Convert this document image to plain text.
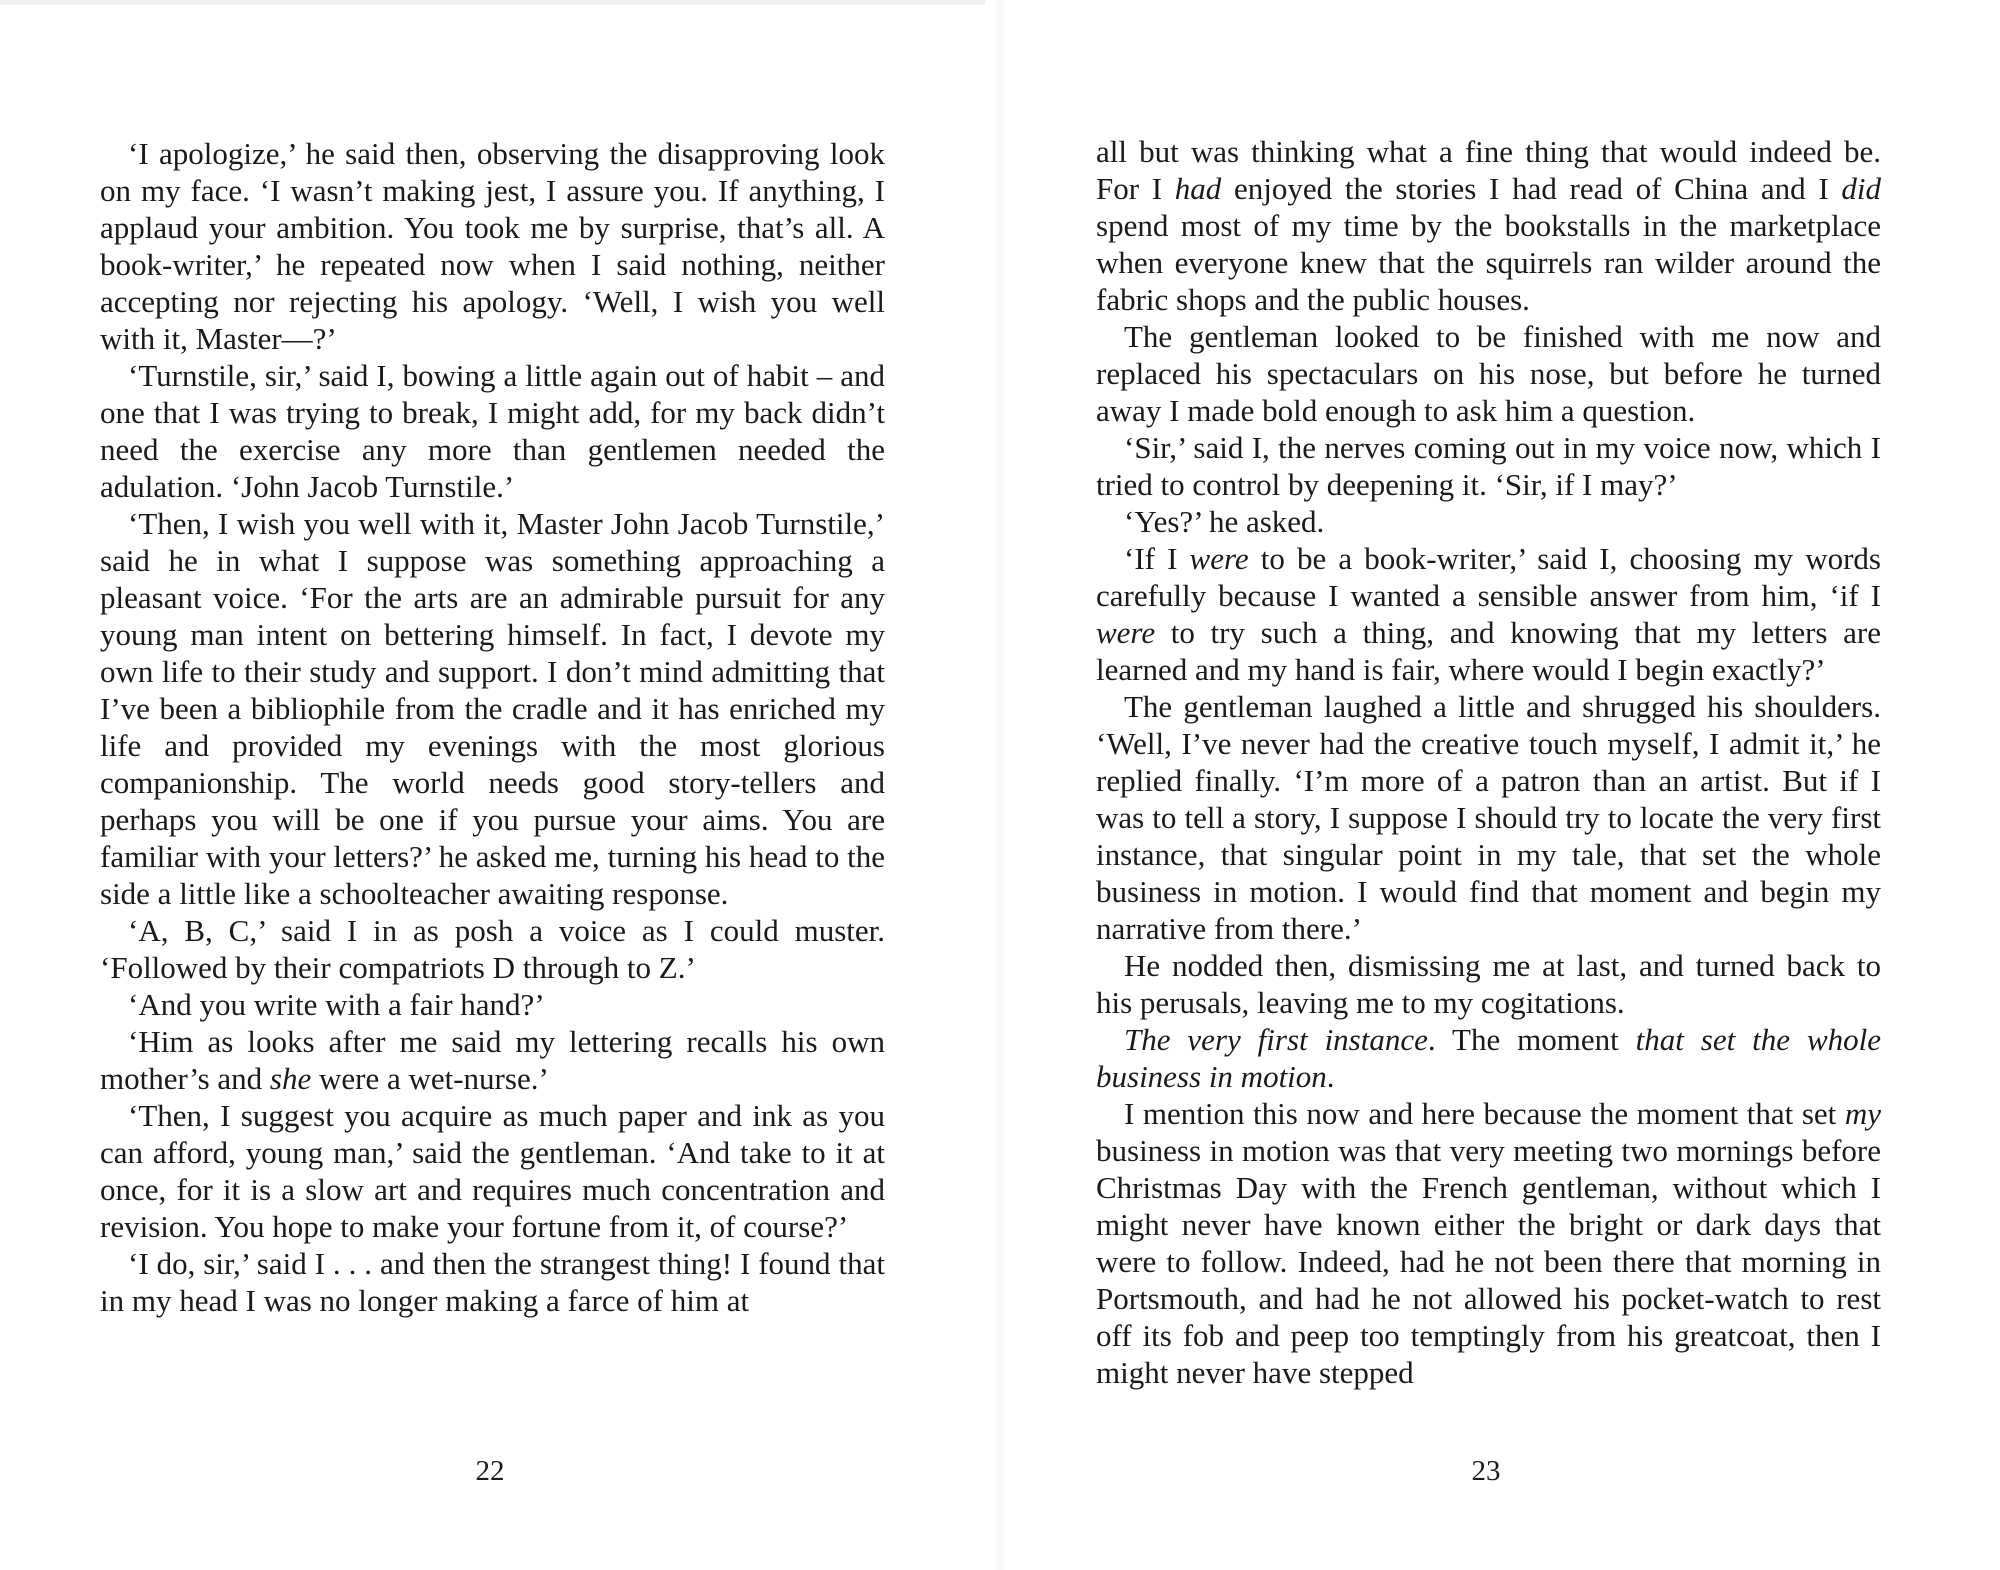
‘I apologize,’ he said then, observing the disapproving look on my face. ‘I wasn’t making jest, I assure you. If anything, I applaud your ambition. You took me by surprise, that’s all. A book-writer,’ he repeated now when I said nothing, neither accepting nor rejecting his apology. ‘Well, I wish you well with it, Master—?’

‘Turnstile, sir,’ said I, bowing a little again out of habit – and one that I was trying to break, I might add, for my back didn’t need the exercise any more than gentlemen needed the adulation. ‘John Jacob Turnstile.’

‘Then, I wish you well with it, Master John Jacob Turnstile,’ said he in what I suppose was something approaching a pleasant voice. ‘For the arts are an admirable pursuit for any young man intent on bettering himself. In fact, I devote my own life to their study and support. I don’t mind admitting that I’ve been a bibliophile from the cradle and it has enriched my life and provided my evenings with the most glorious companionship. The world needs good story-tellers and perhaps you will be one if you pursue your aims. You are familiar with your letters?’ he asked me, turning his head to the side a little like a schoolteacher awaiting response.

‘A, B, C,’ said I in as posh a voice as I could muster. ‘Followed by their compatriots D through to Z.’

‘And you write with a fair hand?’

‘Him as looks after me said my lettering recalls his own mother’s and she were a wet-nurse.’

‘Then, I suggest you acquire as much paper and ink as you can afford, young man,’ said the gentleman. ‘And take to it at once, for it is a slow art and requires much concentration and revision. You hope to make your fortune from it, of course?’

‘I do, sir,’ said I . . . and then the strangest thing! I found that in my head I was no longer making a farce of him at

22

all but was thinking what a fine thing that would indeed be. For I had enjoyed the stories I had read of China and I did spend most of my time by the bookstalls in the marketplace when everyone knew that the squirrels ran wilder around the fabric shops and the public houses.

The gentleman looked to be finished with me now and replaced his spectaculars on his nose, but before he turned away I made bold enough to ask him a question.

‘Sir,’ said I, the nerves coming out in my voice now, which I tried to control by deepening it. ‘Sir, if I may?’

‘Yes?’ he asked.

‘If I were to be a book-writer,’ said I, choosing my words carefully because I wanted a sensible answer from him, ‘if I were to try such a thing, and knowing that my letters are learned and my hand is fair, where would I begin exactly?’

The gentleman laughed a little and shrugged his shoulders. ‘Well, I’ve never had the creative touch myself, I admit it,’ he replied finally. ‘I’m more of a patron than an artist. But if I was to tell a story, I suppose I should try to locate the very first instance, that singular point in my tale, that set the whole business in motion. I would find that moment and begin my narrative from there.’

He nodded then, dismissing me at last, and turned back to his perusals, leaving me to my cogitations.

The very first instance. The moment that set the whole business in motion.

I mention this now and here because the moment that set my business in motion was that very meeting two mornings before Christmas Day with the French gentleman, without which I might never have known either the bright or dark days that were to follow. Indeed, had he not been there that morning in Portsmouth, and had he not allowed his pocket-watch to rest off its fob and peep too temptingly from his greatcoat, then I might never have stepped

23
